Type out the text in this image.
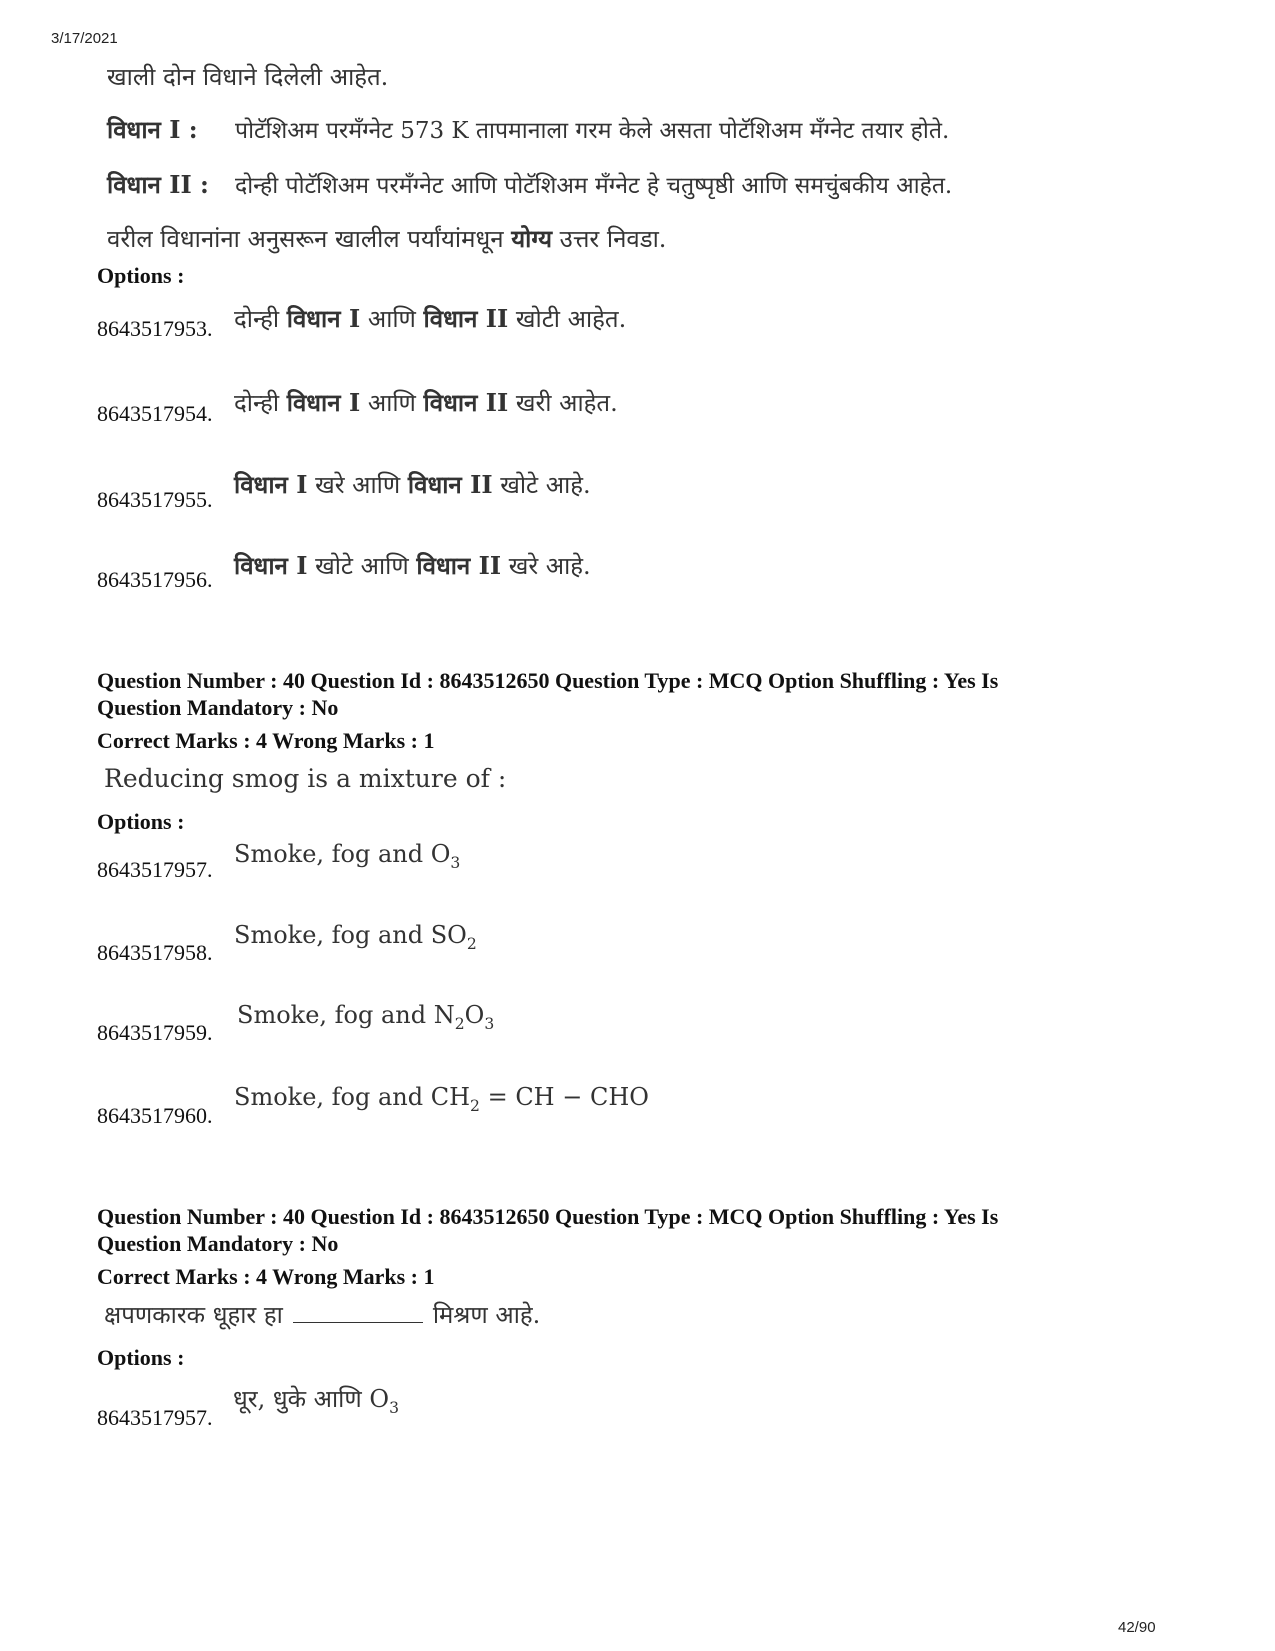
3/17/2021
खाली दोन विधाने दिलेली आहेत.
विधान I : पोटॅशिअम परमँग्नेट 573 K तापमानाला गरम केले असता पोटॅशिअम मँग्नेट तयार होते.
विधान II : दोन्ही पोटॅशिअम परमँग्नेट आणि पोटॅशिअम मँग्नेट हे चतुष्पृष्ठी आणि समचुंबकीय आहेत.
वरील विधानांना अनुसरून खालील पर्यांयांमधून योग्य उत्तर निवडा.
Options :
8643517953. दोन्ही विधान I आणि विधान II खोटी आहेत.
8643517954. दोन्ही विधान I आणि विधान II खरी आहेत.
8643517955.
विधान I खरे आणि विधान II खोटे आहे.
8643517956. विधान I खोटे आणि विधान II खरे आहे.
Question Number : 40 Question Id : 8643512650 Question Type : MCQ Option Shuffling : Yes Is
Question Mandatory : No
Correct Marks : 4 Wrong Marks : 1
Reducing smog is a mixture of :
Options :
8643517957.
Smoke, fog and $O_3$
8643517958.
Smoke, fog and $SO_2$
8643517959.
Smoke, fog and $N_2O_3$
8643517960.
Smoke, fog and $CH_2$ = CH − CHO
Question Number : 40 Question Id : 8643512650 Question Type : MCQ Option Shuffling : Yes Is
Question Mandatory : No
Correct Marks : 4 Wrong Marks : 1
क्षपणकारक धूहार हा	मिश्रण आहे.
Options :
8643517957.
धूर, धुके आणि $O_3$
42/90
